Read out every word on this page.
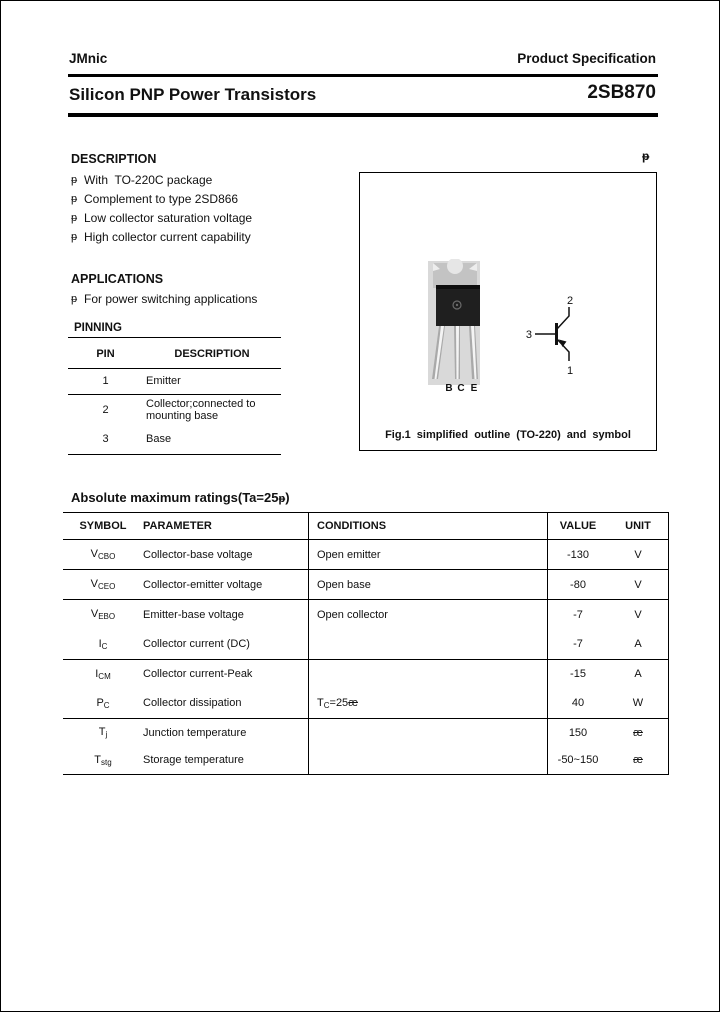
JMnic	Product Specification
Silicon PNP Power Transistors	2SB870
DESCRIPTION
ᵽ With  TO-220C package
ᵽ Complement to type 2SD866
ᵽ Low collector saturation voltage
ᵽ High collector current capability
APPLICATIONS
ᵽ For power switching applications
PINNING
PIN	DESCRIPTION
1	Emitter
2	Collector;connected to mounting base
3	Base
ᵽ
B C E
3
2
1
Fig.1 simplified outline (TO-220) and symbol
Absolute maximum ratings(Ta=25ᵽ)
SYMBOL	PARAMETER	CONDITIONS	VALUE	UNIT
VCBO	Collector-base voltage	Open emitter	-130	V
VCEO	Collector-emitter voltage	Open base	-80	V
VEBO	Emitter-base voltage	Open collector	-7	V
IC	Collector current (DC)		-7	A
ICM	Collector current-Peak		-15	A
PC	Collector dissipation	TC=25æ	40	W
Tj	Junction temperature		150	æ
Tstg	Storage temperature		-50~150	æ
